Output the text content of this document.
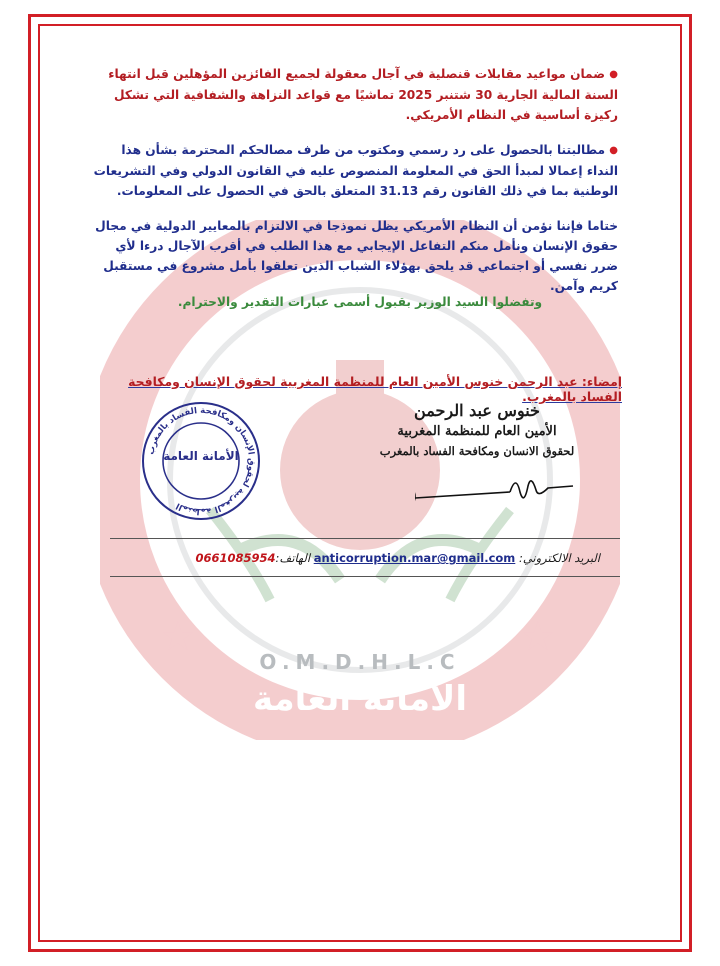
★	★
الأمانة العامة
O.M.D.H.L.C

● ضمان مواعيد مقابلات قنصلية في آجال معقولة لجميع الفائزين المؤهلين قبل انتهاء السنة المالية الجارية 30 شتنبر 2025 تماشيًا مع قواعد النزاهة والشفافية التي تشكل ركيزة أساسية في النظام الأمريكي.

● مطالبتنا بالحصول على رد رسمي ومكتوب من طرف مصالحكم المحترمة بشأن هذا النداء إعمالا لمبدأ الحق في المعلومة المنصوص عليه في القانون الدولي وفي التشريعات الوطنية بما في ذلك القانون رقم 31.13 المتعلق بالحق في الحصول على المعلومات.

ختاما فإننا نؤمن أن النظام الأمريكي يظل نموذجا في الالتزام بالمعايير الدولية في مجال حقوق الإنسان ونأمل منكم التفاعل الإيجابي مع هذا الطلب في أقرب الآجال درءا لأي ضرر نفسي أو اجتماعي قد يلحق بهؤلاء الشباب الذين تعلقوا بأمل مشروع في مستقبل كريم وآمن.

وتفضلوا السيد الوزير بقبول أسمى عبارات التقدير والاحترام.

إمضاء: عبد الرحمن خنوس الأمين العام للمنظمة المغربية لحقوق الإنسان ومكافحة الفساد بالمغرب.
المنظمة المغربية لحقوق الإنسان ومكافحة الفساد بالمغرب
الأمانة العامة
خنوس عبد الرحمن
الأمين العام للمنظمة المغربية
لحقوق الانسان ومكافحة الفساد بالمغرب
البريد الالكتروني: anticorruption.mar@gmail.com الهاتف:0661085954
